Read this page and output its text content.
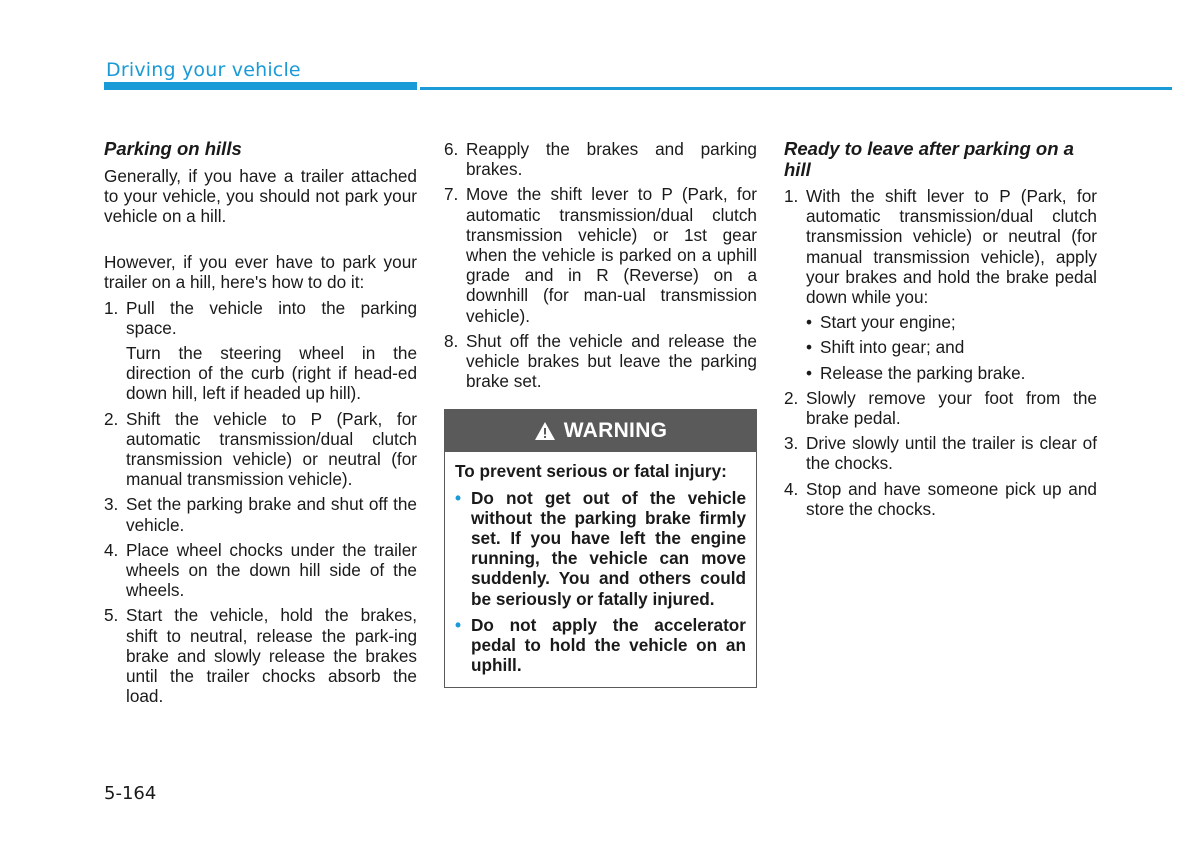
Driving your vehicle

Parking on hills

Generally, if you have a trailer attached to your vehicle, you should not park your vehicle on a hill.

However, if you ever have to park your trailer on a hill, here's how to do it:

1. Pull the vehicle into the parking space.

Turn the steering wheel in the direction of the curb (right if head-ed down hill, left if headed up hill).

2. Shift the vehicle to P (Park, for automatic transmission/dual clutch transmission vehicle) or neutral (for manual transmission vehicle).
3. Set the parking brake and shut off the vehicle.
4. Place wheel chocks under the trailer wheels on the down hill side of the wheels.
5. Start the vehicle, hold the brakes, shift to neutral, release the park-ing brake and slowly release the brakes until the trailer chocks absorb the load.
6. Reapply the brakes and parking brakes.
7. Move the shift lever to P (Park, for automatic transmission/dual clutch transmission vehicle) or 1st gear when the vehicle is parked on a uphill grade and in R (Reverse) on a downhill (for man-ual transmission vehicle).
8. Shut off the vehicle and release the vehicle brakes but leave the parking brake set.
WARNING

To prevent serious or fatal injury:

• Do not get out of the vehicle without the parking brake firmly set. If you have left the engine running, the vehicle can move suddenly. You and others could be seriously or fatally injured.
• Do not apply the accelerator pedal to hold the vehicle on an uphill.

Ready to leave after parking on a hill

1. With the shift lever to P (Park, for automatic transmission/dual clutch transmission vehicle) or neutral (for manual transmission vehicle), apply your brakes and hold the brake pedal down while you:
• Start your engine;
• Shift into gear; and
• Release the parking brake.
2. Slowly remove your foot from the brake pedal.
3. Drive slowly until the trailer is clear of the chocks.
4. Stop and have someone pick up and store the chocks.
5-164
